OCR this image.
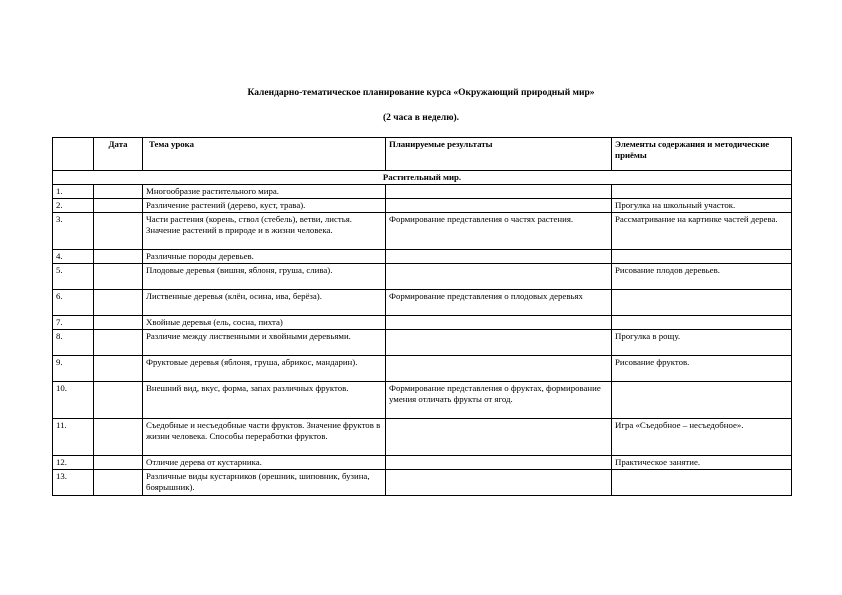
Календарно-тематическое планирование курса «Окружающий природный мир»
(2 часа в неделю).
	Дата	Тема урока	Планируемые результаты	Элементы содержания и методические приёмы
Растительный мир.				
1.		Многообразие растительного мира.		
2.		Различение растений (дерево, куст, трава).		Прогулка на школьный участок.
3.		Части растения (корень, ствол (стебель), ветви, листья. Значение растений в природе и в жизни человека.	Формирование представления о частях растения.	Рассматривание на картинке частей дерева.
4.		Различные породы деревьев.		
5.		Плодовые деревья (вишня, яблоня, груша, слива).		Рисование плодов деревьев.
6.		Лиственные деревья (клён, осина, ива, берёза).	Формирование представления о плодовых деревьях	
7.		Хвойные деревья (ель, сосна, пихта)		
8.		Различие между лиственными и хвойными деревьями.		Прогулка в рощу.
9.		Фруктовые деревья (яблоня, груша, абрикос, мандарин).		Рисование фруктов.
10.		Внешний вид, вкус, форма, запах различных фруктов.	Формирование представления о фруктах, формирование умения отличать фрукты от ягод.	
11.		Съедобные и несъедобные части фруктов. Значение фруктов в жизни человека. Способы переработки фруктов.		Игра «Съедобное – несъедобное».
12.		Отличие дерева от кустарника.		Практическое занятие.
13.		Различные виды кустарников (орешник, шиповник, бузина, боярышник).		
